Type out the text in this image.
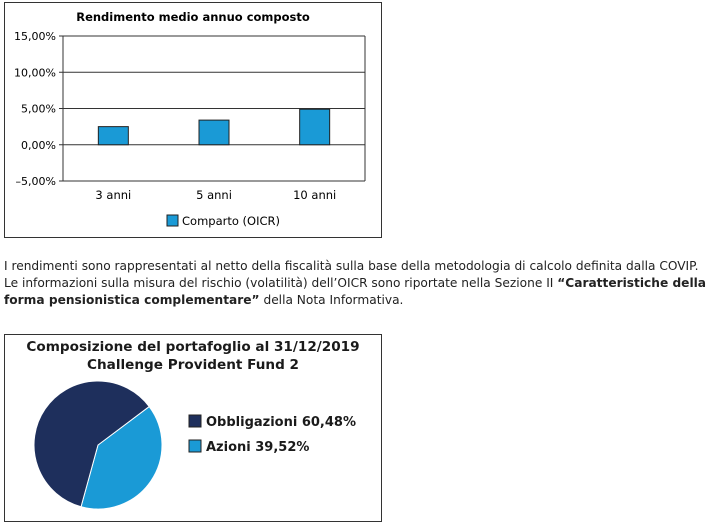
Rendimento medio annuo composto
–5,00%
0,00%
5,00%
10,00%
15,00%
3 anni	5 anni	10 anni
Comparto (OICR)

I rendimenti sono rappresentati al netto della fiscalità sulla base della metodologia di calcolo definita dalla COVIP.

Le informazioni sulla misura del rischio (volatilità) dell’OICR sono riportate nella Sezione II “Caratteristiche della forma pensionistica complementare” della Nota Informativa.

Composizione del portafoglio al 31/12/2019
Challenge Provident Fund 2
Obbligazioni 60,48%
Azioni 39,52%
